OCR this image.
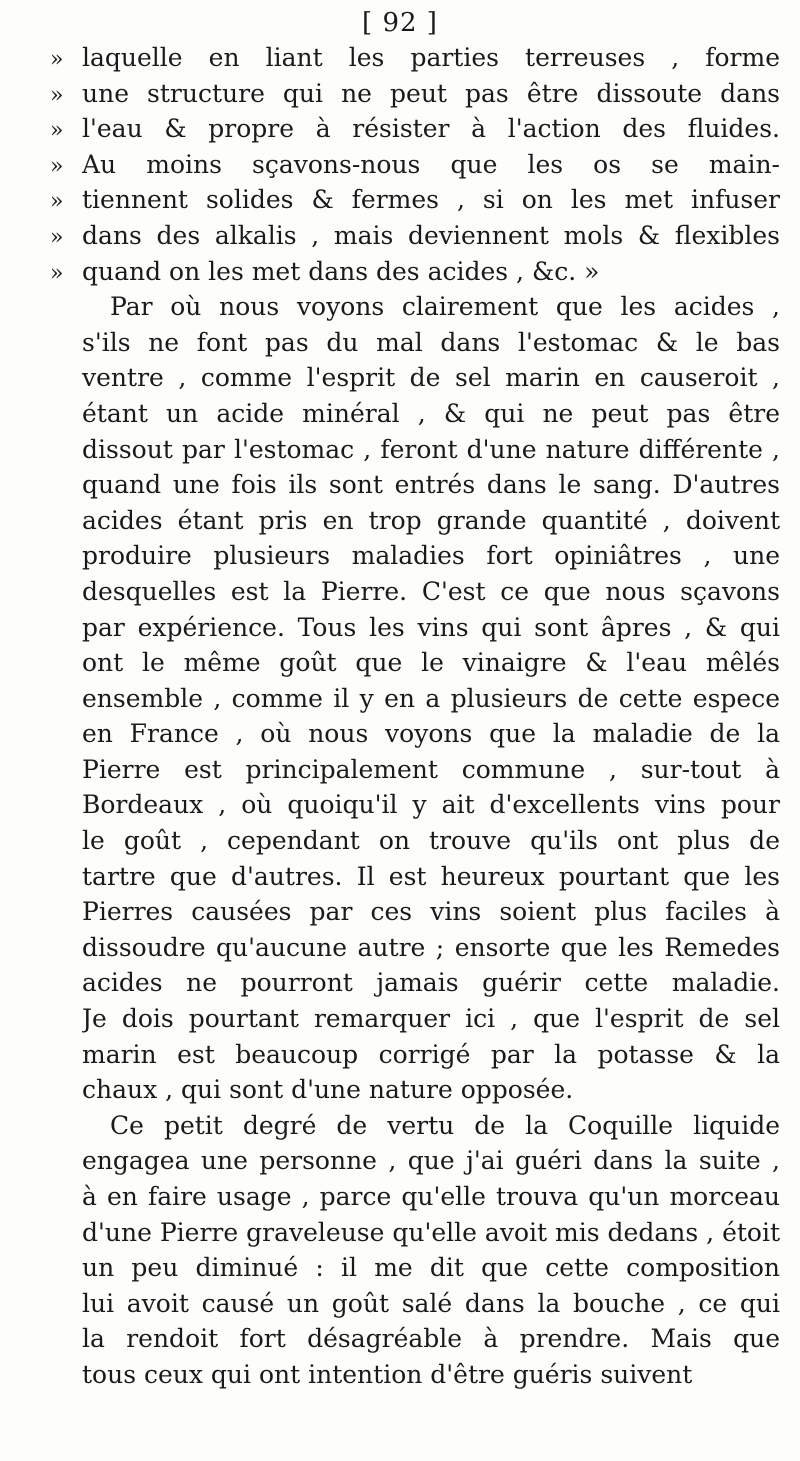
[ 92 ]
» laquelle en liant les parties terreuses , forme
» une structure qui ne peut pas être dissoute dans
» l'eau & propre à résister à l'action des fluides.
» Au moins sçavons-nous que les os se main-
» tiennent solides & fermes , si on les met infuser
» dans des alkalis , mais deviennent mols & flexibles
» quand on les met dans des acides , &c. »
Par où nous voyons clairement que les acides ,
s'ils ne font pas du mal dans l'estomac & le bas
ventre , comme l'esprit de sel marin en causeroit ,
étant un acide minéral , & qui ne peut pas être
dissout par l'estomac , feront d'une nature différente ,
quand une fois ils sont entrés dans le sang. D'autres
acides étant pris en trop grande quantité , doivent
produire plusieurs maladies fort opiniâtres , une
desquelles est la Pierre. C'est ce que nous sçavons
par expérience. Tous les vins qui sont âpres , & qui
ont le même goût que le vinaigre & l'eau mêlés
ensemble , comme il y en a plusieurs de cette espece
en France , où nous voyons que la maladie de la
Pierre est principalement commune , sur-tout à
Bordeaux , où quoiqu'il y ait d'excellents vins pour
le goût , cependant on trouve qu'ils ont plus de
tartre que d'autres. Il est heureux pourtant que les
Pierres causées par ces vins soient plus faciles à
dissoudre qu'aucune autre ; ensorte que les Remedes
acides ne pourront jamais guérir cette maladie.
Je dois pourtant remarquer ici , que l'esprit de sel
marin est beaucoup corrigé par la potasse & la
chaux , qui sont d'une nature opposée.
Ce petit degré de vertu de la Coquille liquide
engagea une personne , que j'ai guéri dans la suite ,
à en faire usage , parce qu'elle trouva qu'un morceau
d'une Pierre graveleuse qu'elle avoit mis dedans , étoit
un peu diminué : il me dit que cette composition
lui avoit causé un goût salé dans la bouche , ce qui
la rendoit fort désagréable à prendre. Mais que
tous ceux qui ont intention d'être guéris suivent
